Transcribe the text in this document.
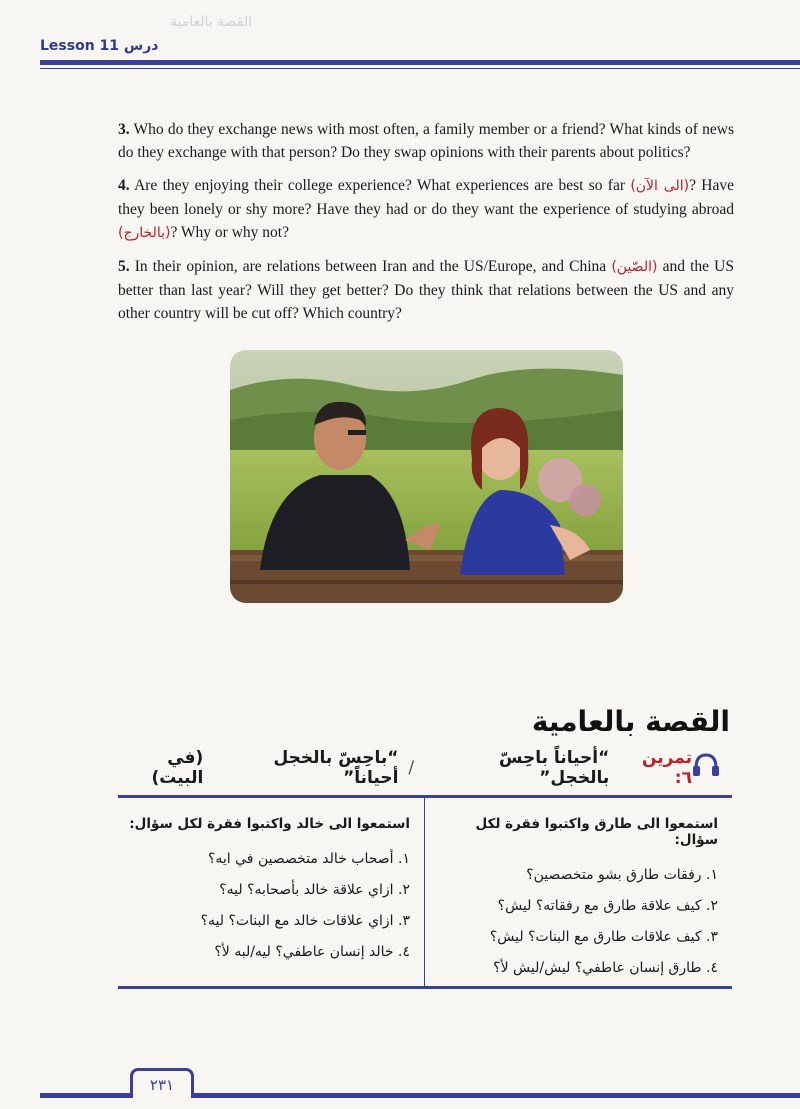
القصة بالعامية
Lesson 11 درس

3. Who do they exchange news with most often, a family member or a friend? What kinds of news do they exchange with that person? Do they swap opinions with their parents about politics?

4. Are they enjoying their college experience? What experiences are best so far (الى الآن)? Have they been lonely or shy more? Have they had or do they want the experience of studying abroad (بالخارج)? Why or why not?

5. In their opinion, are relations between Iran and the US/Europe, and China (الصّين) and the US better than last year? Will they get better? Do they think that relations between the US and any other country will be cut off? Which country?

القصة بالعامية
تمرين ٦:
“أحياناً باحِسّ بالخجل”
/
“باحِسّ بالخجل أحياناً”
(في البيت)
استمعوا الى طارق واكتبوا فقرة لكل سؤال:
١. رفقات طارق بشو متخصصين؟
٢. كيف علاقة طارق مع رفقاته؟ ليش؟
٣. كيف علاقات طارق مع البنات؟ ليش؟
٤. طارق إنسان عاطفي؟ ليش/ليش لأ؟
استمعوا الى خالد واكتبوا فقرة لكل سؤال:
١. أصحاب خالد متخصصين في ايه؟
٢. ازاي علاقة خالد بأصحابه؟ ليه؟
٣. ازاي علاقات خالد مع البنات؟ ليه؟
٤. خالد إنسان عاطفي؟ ليه/لبه لأ؟
٢٣١
